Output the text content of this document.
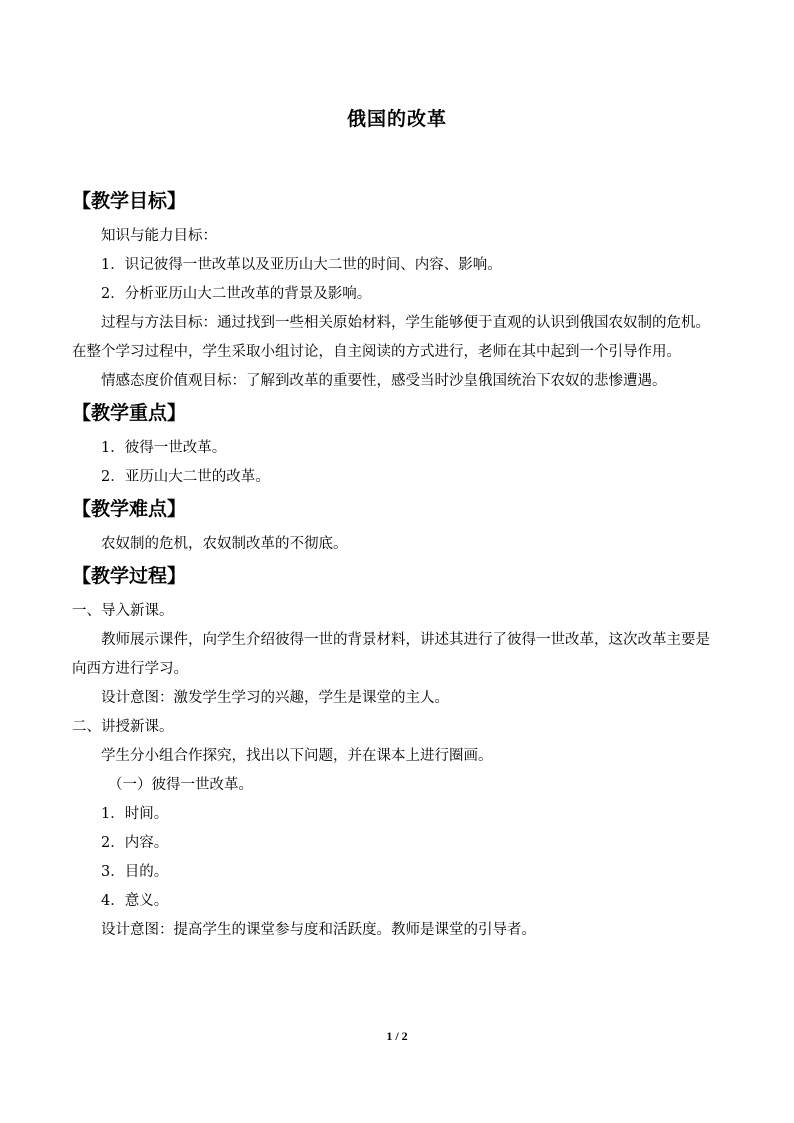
俄国的改革
【教学目标】
知识与能力目标：
1．识记彼得一世改革以及亚历山大二世的时间、内容、影响。
2．分析亚历山大二世改革的背景及影响。

过程与方法目标：通过找到一些相关原始材料，学生能够便于直观的认识到俄国农奴制的危机。在整个学习过程中，学生采取小组讨论，自主阅读的方式进行，老师在其中起到一个引导作用。

情感态度价值观目标：了解到改革的重要性，感受当时沙皇俄国统治下农奴的悲惨遭遇。

【教学重点】
1．彼得一世改革。
2．亚历山大二世的改革。
【教学难点】
农奴制的危机，农奴制改革的不彻底。
【教学过程】
一、导入新课。

教师展示课件，向学生介绍彼得一世的背景材料，讲述其进行了彼得一世改革，这次改革主要是向西方进行学习。

设计意图：激发学生学习的兴趣，学生是课堂的主人。
二、讲授新课。
学生分小组合作探究，找出以下问题，并在课本上进行圈画。
（一）彼得一世改革。
1．时间。
2．内容。
3．目的。
4．意义。
设计意图：提高学生的课堂参与度和活跃度。教师是课堂的引导者。
1 / 2
